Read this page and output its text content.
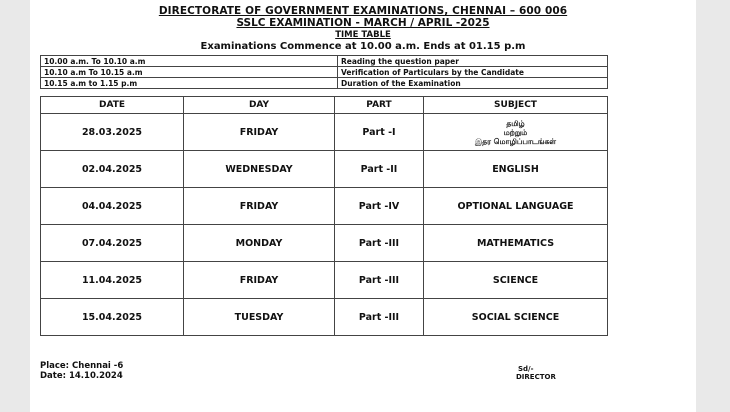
DIRECTORATE OF GOVERNMENT EXAMINATIONS, CHENNAI – 600 006
SSLC EXAMINATION - MARCH / APRIL -2025
TIME TABLE
Examinations Commence at 10.00 a.m. Ends at 01.15 p.m
10.00 a.m. To 10.10 a.m	Reading the question paper
10.10 a.m To 10.15 a.m	Verification of Particulars by the Candidate
10.15 a.m to 1.15 p.m	Duration of the Examination
DATE	DAY	PART	SUBJECT
28.03.2025	FRIDAY	Part -I	தமிழ்
மற்றும்
இதர மொழிப்பாடங்கள்

02.04.2025	WEDNESDAY	Part -II	ENGLISH

04.04.2025	FRIDAY	Part -IV	OPTIONAL LANGUAGE

07.04.2025	MONDAY	Part -III	MATHEMATICS

11.04.2025	FRIDAY	Part -III	SCIENCE

15.04.2025	TUESDAY	Part -III	SOCIAL SCIENCE
Place: Chennai -6
Date: 14.10.2024
Sd/-
DIRECTOR
